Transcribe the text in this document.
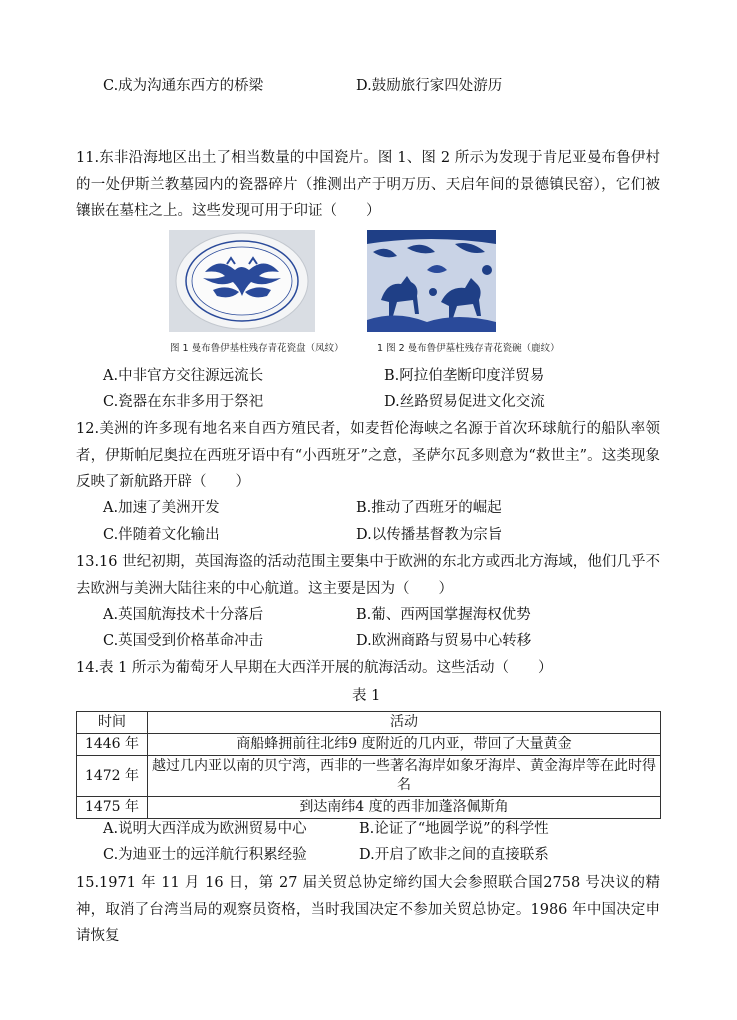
C.成为沟通东西方的桥梁	D.鼓励旅行家四处游历
11.东非沿海地区出土了相当数量的中国瓷片。图 1、图 2 所示为发现于肯尼亚曼布鲁伊村的一处伊斯兰教墓园内的瓷器碎片（推测出产于明万历、天启年间的景德镇民窑），它们被镶嵌在墓柱之上。这些发现可用于印证（　　）
图 1 曼布鲁伊基柱残存青花瓷盘（凤纹）	1 图 2 曼布鲁伊墓柱残存青花瓷碗（鹿纹）
A.中非官方交往源远流长	B.阿拉伯垄断印度洋贸易
C.瓷器在东非多用于祭祀	D.丝路贸易促进文化交流
12.美洲的许多现有地名来自西方殖民者，如麦哲伦海峡之名源于首次环球航行的船队率领者，伊斯帕尼奥拉在西班牙语中有“小西班牙”之意，圣萨尔瓦多则意为“救世主”。这类现象反映了新航路开辟（　　）
A.加速了美洲开发	B.推动了西班牙的崛起
C.伴随着文化输出	D.以传播基督教为宗旨
13.16 世纪初期，英国海盗的活动范围主要集中于欧洲的东北方或西北方海域，他们几乎不去欧洲与美洲大陆往来的中心航道。这主要是因为（　　）
A.英国航海技术十分落后	B.葡、西两国掌握海权优势
C.英国受到价格革命冲击	D.欧洲商路与贸易中心转移
14.表 1 所示为葡萄牙人早期在大西洋开展的航海活动。这些活动（　　）
表 1
时间	活动
1446 年	商船蜂拥前往北纬9 度附近的几内亚，带回了大量黄金
1472 年	越过几内亚以南的贝宁湾，西非的一些著名海岸如象牙海岸、黄金海岸等在此时得名
1475 年	到达南纬4 度的西非加蓬洛佩斯角
A.说明大西洋成为欧洲贸易中心	B.论证了“地圆学说”的科学性
C.为迪亚士的远洋航行积累经验	D.开启了欧非之间的直接联系
15.1971 年 11 月 16 日，第 27 届关贸总协定缔约国大会参照联合国2758 号决议的精神，取消了台湾当局的观察员资格，当时我国决定不参加关贸总协定。1986 年中国决定申请恢复
